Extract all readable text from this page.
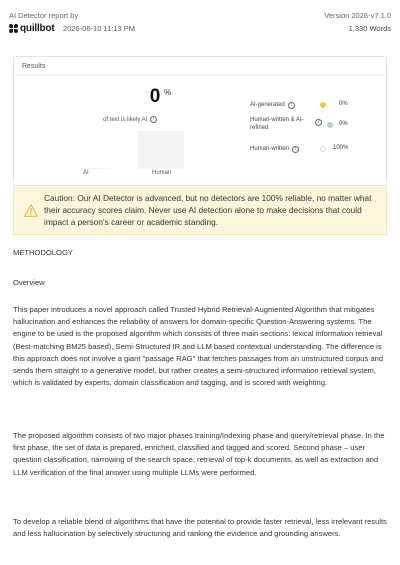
AI Detector report by
quillbot 2026-06-10 11:13 PM
Version 2026-v7.1.0
1,330 Words
Results
AI-generated	i	0%
Human-written & AI-refined
i	0%
Human-written	i	100%
0 %
of text is likely AI	i
AI	Human
Caution: Our AI Detector is advanced, but no detectors are 100% reliable, no matter what their accuracy scores claim. Never use AI detection alone to make decisions that could impact a person's career or academic standing.

METHODOLOGY

Overview

This paper introduces a novel approach called Trusted Hybrid Retrieval-Augmented Algorithm that mitigates hallucination and enhances the reliability of answers for domain-specific Question-Answering systems. The engine to be used is the proposed algorithm which consists of three main sections: lexical information retrieval (Best-matching BM25 based), Semi-Structured IR and LLM based contextual understanding. The difference is this approach does not involve a giant "passage RAG" that fetches passages from an unstructured corpus and sends them straight to a generative model, but rather creates a semi-structured information retrieval system, which is validated by experts, domain classification and tagging, and is scored with weighting.

The proposed algorithm consists of two major phases training/Indexing phase and query/retrieval phase. In the first phase, the set of data is prepared, enriched, classified and tagged and scored. Second phase – user question classification, narrowing of the search space, retrieval of top-k documents, as well as extraction and LLM verification of the final answer using multiple LLMs were performed.

To develop a reliable blend of algorithms that have the potential to provide faster retrieval, less irrelevant results and less hallucination by selectively structuring and ranking the evidence and grounding answers.
